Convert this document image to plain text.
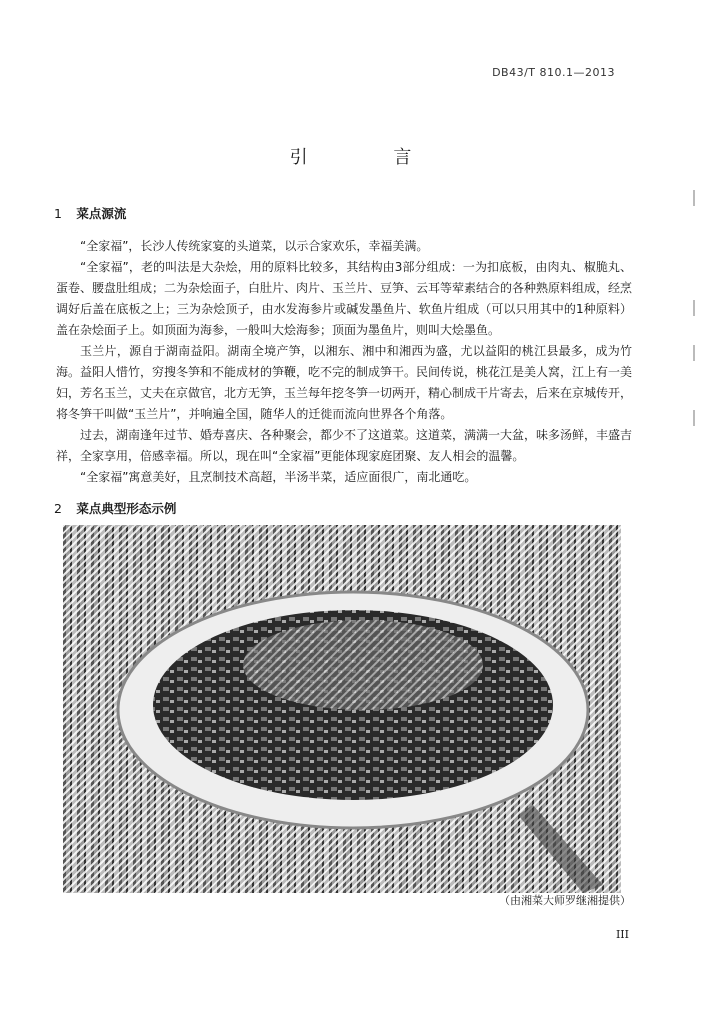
DB43/T 810.1—2013
引 言
1 菜点源流

“全家福”，长沙人传统家宴的头道菜，以示合家欢乐，幸福美满。

“全家福”，老的叫法是大杂烩，用的原料比较多，其结构由3部分组成：一为扣底板，由肉丸、椒脆丸、蛋卷、腰盘肚组成；二为杂烩面子，白肚片、肉片、玉兰片、豆笋、云耳等荤素结合的各种熟原料组成，经烹调好后盖在底板之上；三为杂烩顶子，由水发海参片或碱发墨鱼片、软鱼片组成（可以只用其中的1种原料）盖在杂烩面子上。如顶面为海参，一般叫大烩海参；顶面为墨鱼片，则叫大烩墨鱼。

玉兰片，源自于湖南益阳。湖南全境产笋，以湘东、湘中和湘西为盛，尤以益阳的桃江县最多，成为竹海。益阳人惜竹，穷搜冬笋和不能成材的笋鞭，吃不完的制成笋干。民间传说，桃花江是美人窝，江上有一美妇，芳名玉兰，丈夫在京做官，北方无笋，玉兰每年挖冬笋一切两开，精心制成干片寄去，后来在京城传开，将冬笋干叫做“玉兰片”，并响遍全国，随华人的迁徙而流向世界各个角落。

过去，湖南逢年过节、婚寿喜庆、各种聚会，都少不了这道菜。这道菜，满满一大盆，味多汤鲜，丰盛吉祥，全家享用，倍感幸福。所以，现在叫“全家福”更能体现家庭团聚、友人相会的温馨。

“全家福”寓意美好，且烹制技术高超，半汤半菜，适应面很广，南北通吃。

2 菜点典型形态示例
（由湘菜大师罗继湘提供）
III
